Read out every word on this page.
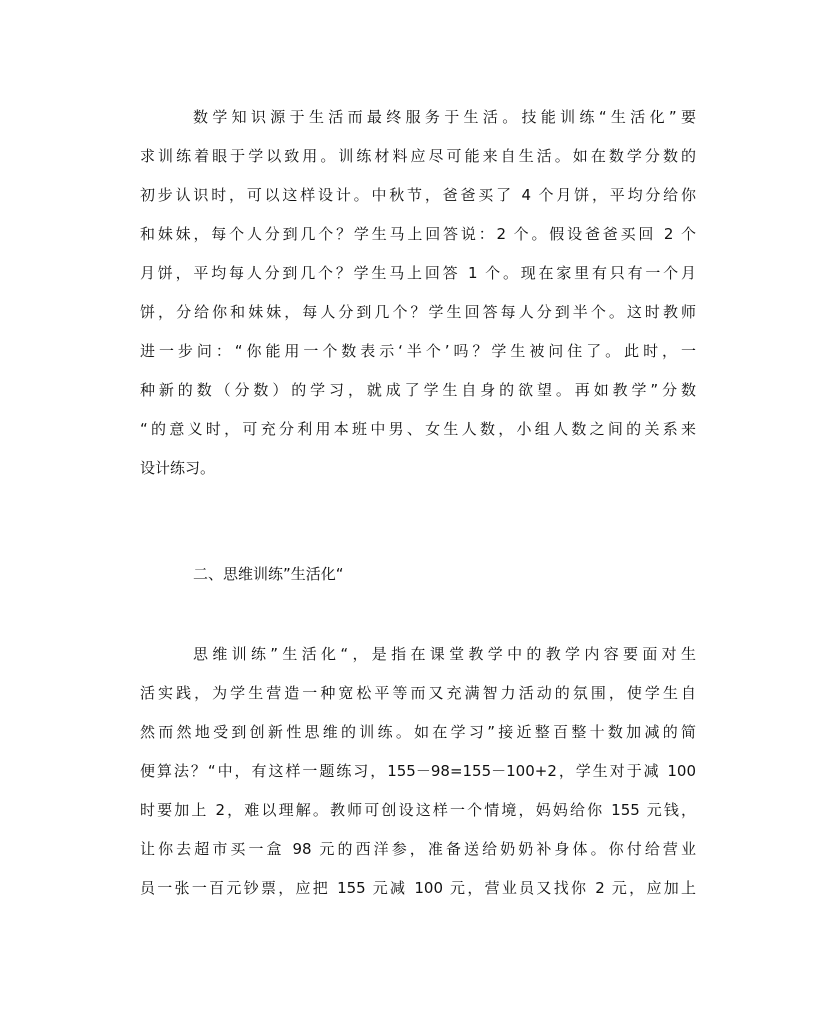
数学知识源于生活而最终服务于生活。技能训练“生活化”要
求训练着眼于学以致用。训练材料应尽可能来自生活。如在数学分数的
初步认识时，可以这样设计。中秋节，爸爸买了 4 个月饼，平均分给你
和妹妹，每个人分到几个？学生马上回答说：2 个。假设爸爸买回 2 个
月饼，平均每人分到几个？学生马上回答 1 个。现在家里有只有一个月
饼，分给你和妹妹，每人分到几个？学生回答每人分到半个。这时教师
进一步问：“你能用一个数表示‘半个’吗？学生被问住了。此时，一
种新的数（分数）的学习，就成了学生自身的欲望。再如教学”分数
“的意义时，可充分利用本班中男、女生人数，小组人数之间的关系来
设计练习。
二、思维训练”生活化“
思维训练”生活化“，是指在课堂教学中的教学内容要面对生
活实践，为学生营造一种宽松平等而又充满智力活动的氛围，使学生自
然而然地受到创新性思维的训练。如在学习”接近整百整十数加减的简
便算法？“中，有这样一题练习，155－98=155－100+2，学生对于减 100
时要加上 2，难以理解。教师可创设这样一个情境，妈妈给你 155 元钱，
让你去超市买一盒 98 元的西洋参，准备送给奶奶补身体。你付给营业
员一张一百元钞票，应把 155 元减 100 元，营业员又找你 2 元，应加上
